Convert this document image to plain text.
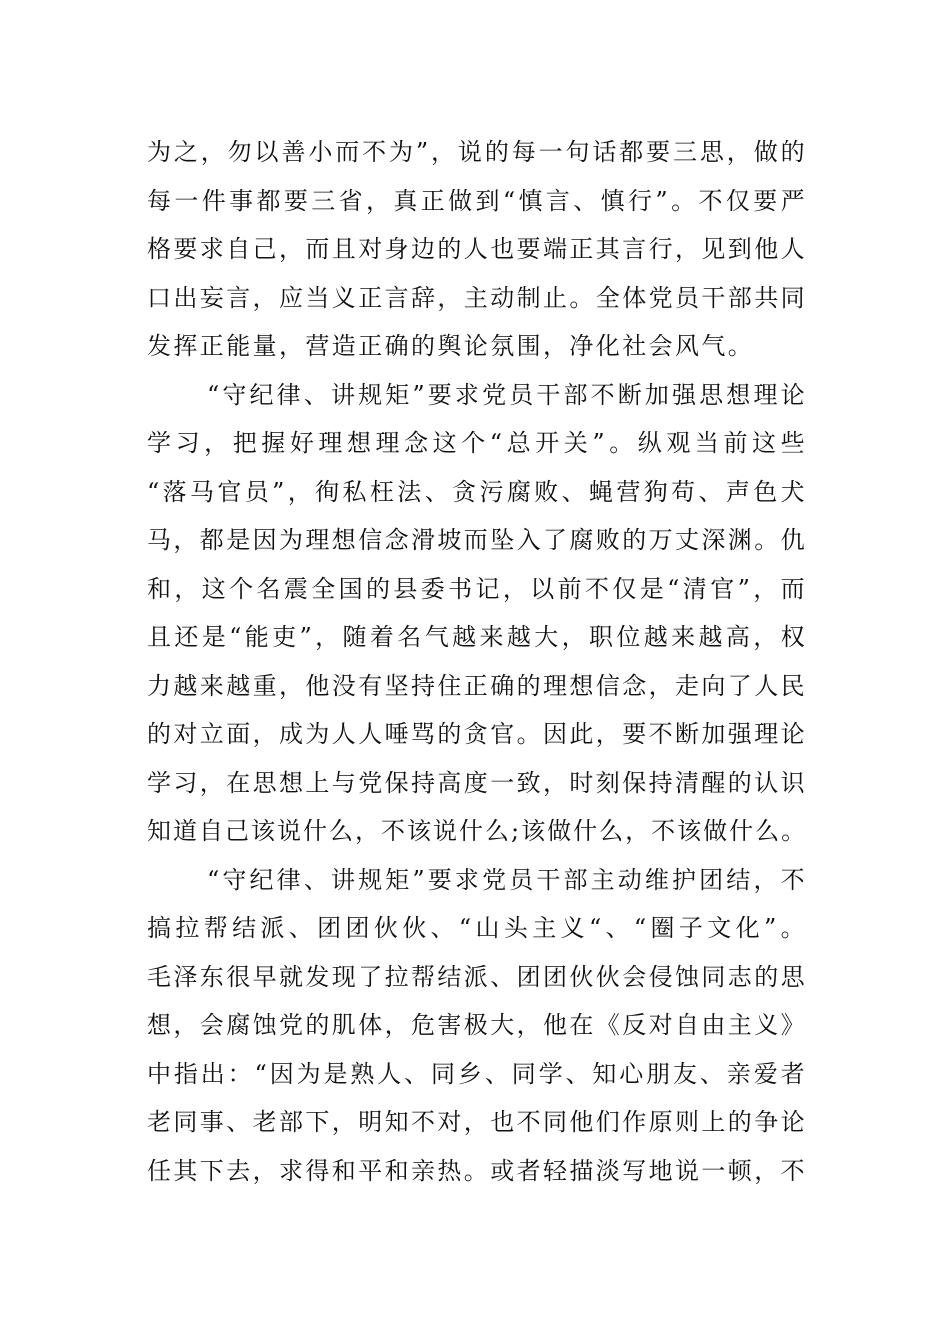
为之，勿以善小而不为”，说的每一句话都要三思，做的
每一件事都要三省，真正做到“慎言、慎行”。不仅要严
格要求自己，而且对身边的人也要端正其言行，见到他人
口出妄言，应当义正言辞，主动制止。全体党员干部共同
发挥正能量，营造正确的舆论氛围，净化社会风气。
“守纪律、讲规矩”要求党员干部不断加强思想理论
学习，把握好理想理念这个“总开关”。纵观当前这些
“落马官员”，徇私枉法、贪污腐败、蝇营狗苟、声色犬
马，都是因为理想信念滑坡而坠入了腐败的万丈深渊。仇
和，这个名震全国的县委书记，以前不仅是“清官”，而
且还是“能吏”，随着名气越来越大，职位越来越高，权
力越来越重，他没有坚持住正确的理想信念，走向了人民
的对立面，成为人人唾骂的贪官。因此，要不断加强理论
学习，在思想上与党保持高度一致，时刻保持清醒的认识
知道自己该说什么，不该说什么;该做什么，不该做什么。
“守纪律、讲规矩”要求党员干部主动维护团结，不
搞拉帮结派、团团伙伙、“山头主义“、“圈子文化”。
毛泽东很早就发现了拉帮结派、团团伙伙会侵蚀同志的思
想，会腐蚀党的肌体，危害极大，他在《反对自由主义》
中指出：“因为是熟人、同乡、同学、知心朋友、亲爱者
老同事、老部下，明知不对，也不同他们作原则上的争论
任其下去，求得和平和亲热。或者轻描淡写地说一顿，不
